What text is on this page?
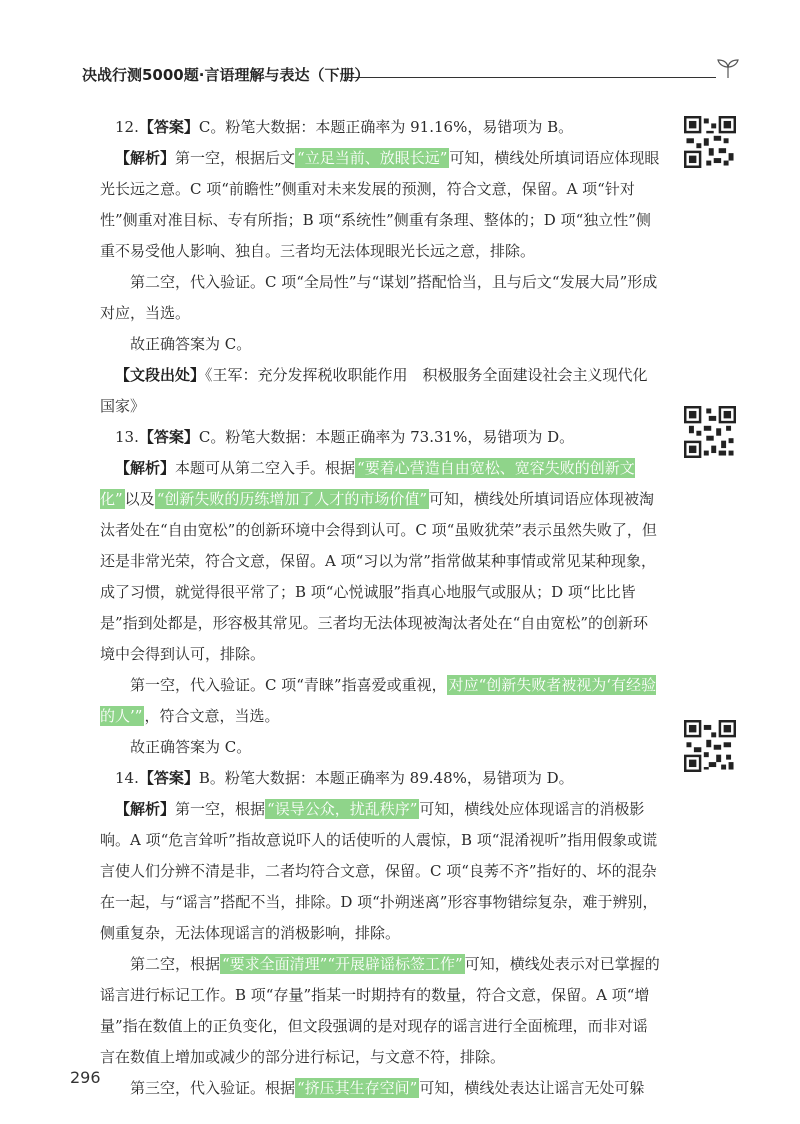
决战行测5000题·言语理解与表达（下册）

12.【答案】C。粉笔大数据：本题正确率为 91.16%，易错项为 B。

【解析】第一空，根据后文 “立足当前、放眼长远” 可知，横线处所填词语应体现眼光长远之意。C 项“前瞻性”侧重对未来发展的预测，符合文意，保留。A 项“针对性”侧重对准目标、专有所指；B 项“系统性”侧重有条理、整体的；D 项“独立性”侧重不易受他人影响、独自。三者均无法体现眼光长远之意，排除。

第二空，代入验证。C 项“全局性”与“谋划”搭配恰当，且与后文“发展大局”形成对应，当选。

故正确答案为 C。

【文段出处】《王军：充分发挥税收职能作用　积极服务全面建设社会主义现代化国家》

13.【答案】C。粉笔大数据：本题正确率为 73.31%，易错项为 D。

【解析】本题可从第二空入手。根据 “要着心营造自由宽松、宽容失败的创新文化” 以及 “创新失败的历练增加了人才的市场价值” 可知，横线处所填词语应体现被淘汰者处在“自由宽松”的创新环境中会得到认可。C 项“虽败犹荣”表示虽然失败了，但还是非常光荣，符合文意，保留。A 项“习以为常”指常做某种事情或常见某种现象，成了习惯，就觉得很平常了；B 项“心悦诚服”指真心地服气或服从；D 项“比比皆是”指到处都是，形容极其常见。三者均无法体现被淘汰者处在“自由宽松”的创新环境中会得到认可，排除。

第一空，代入验证。C 项“青睐”指喜爱或重视， 对应“创新失败者被视为‘有经验的人’” ，符合文意，当选。

故正确答案为 C。

14.【答案】B。粉笔大数据：本题正确率为 89.48%，易错项为 D。

【解析】第一空，根据 “误导公众，扰乱秩序” 可知，横线处应体现谣言的消极影响。A 项“危言耸听”指故意说吓人的话使听的人震惊，B 项“混淆视听”指用假象或谎言使人们分辨不清是非，二者均符合文意，保留。C 项“良莠不齐”指好的、坏的混杂在一起，与“谣言”搭配不当，排除。D 项“扑朔迷离”形容事物错综复杂，难于辨别，侧重复杂，无法体现谣言的消极影响，排除。

第二空，根据 “要求全面清理”“开展辟谣标签工作” 可知，横线处表示对已掌握的谣言进行标记工作。B 项“存量”指某一时期持有的数量，符合文意，保留。A 项“增量”指在数值上的正负变化，但文段强调的是对现存的谣言进行全面梳理，而非对谣言在数值上增加或减少的部分进行标记，与文意不符，排除。

第三空，代入验证。根据 “挤压其生存空间” 可知，横线处表达让谣言无处可躲

296
